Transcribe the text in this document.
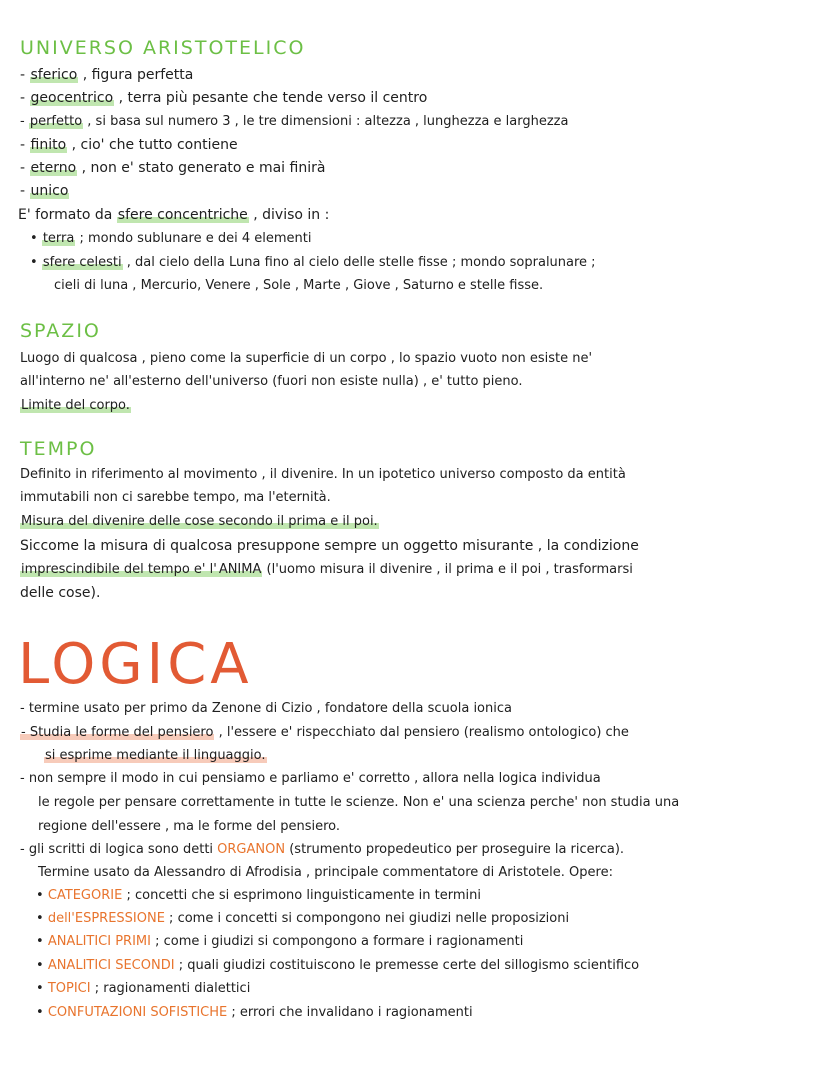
UNIVERSO ARISTOTELICO
- sferico , figura perfetta
- geocentrico , terra più pesante che tende verso il centro
- perfetto , si basa sul numero 3 , le tre dimensioni : altezza , lunghezza e larghezza
- finito , cio' che tutto contiene
- eterno , non e' stato generato e mai finirà
- unico
E' formato da sfere concentriche , diviso in :
• terra ; mondo sublunare e dei 4 elementi
• sfere celesti , dal cielo della Luna fino al cielo delle stelle fisse ; mondo sopralunare ;
cieli di luna , Mercurio, Venere , Sole , Marte , Giove , Saturno e stelle fisse.
SPAZIO
Luogo di qualcosa , pieno come la superficie di un corpo , lo spazio vuoto non esiste ne'
all'interno ne' all'esterno dell'universo (fuori non esiste nulla) , e' tutto pieno.
Limite del corpo.
TEMPO
Definito in riferimento al movimento , il divenire. In un ipotetico universo composto da entità
immutabili non ci sarebbe tempo, ma l'eternità.
Misura del divenire delle cose secondo il prima e il poi.
Siccome la misura di qualcosa presuppone sempre un oggetto misurante , la condizione
imprescindibile del tempo e' l' ANIMA (l'uomo misura il divenire , il prima e il poi , trasformarsi
delle cose).
LOGICA
- termine usato per primo da Zenone di Cizio , fondatore della scuola ionica
- Studia le forme del pensiero , l'essere e' rispecchiato dal pensiero (realismo ontologico) che
si esprime mediante il linguaggio.
- non sempre il modo in cui pensiamo e parliamo e' corretto , allora nella logica individua
le regole per pensare correttamente in tutte le scienze. Non e' una scienza perche' non studia una
regione dell'essere , ma le forme del pensiero.
- gli scritti di logica sono detti ORGANON (strumento propedeutico per proseguire la ricerca).
Termine usato da Alessandro di Afrodisia , principale commentatore di Aristotele. Opere:
• CATEGORIE ; concetti che si esprimono linguisticamente in termini
• dell'ESPRESSIONE ; come i concetti si compongono nei giudizi nelle proposizioni
• ANALITICI PRIMI ; come i giudizi si compongono a formare i ragionamenti
• ANALITICI SECONDI ; quali giudizi costituiscono le premesse certe del sillogismo scientifico
• TOPICI ; ragionamenti dialettici
• CONFUTAZIONI SOFISTICHE ; errori che invalidano i ragionamenti
